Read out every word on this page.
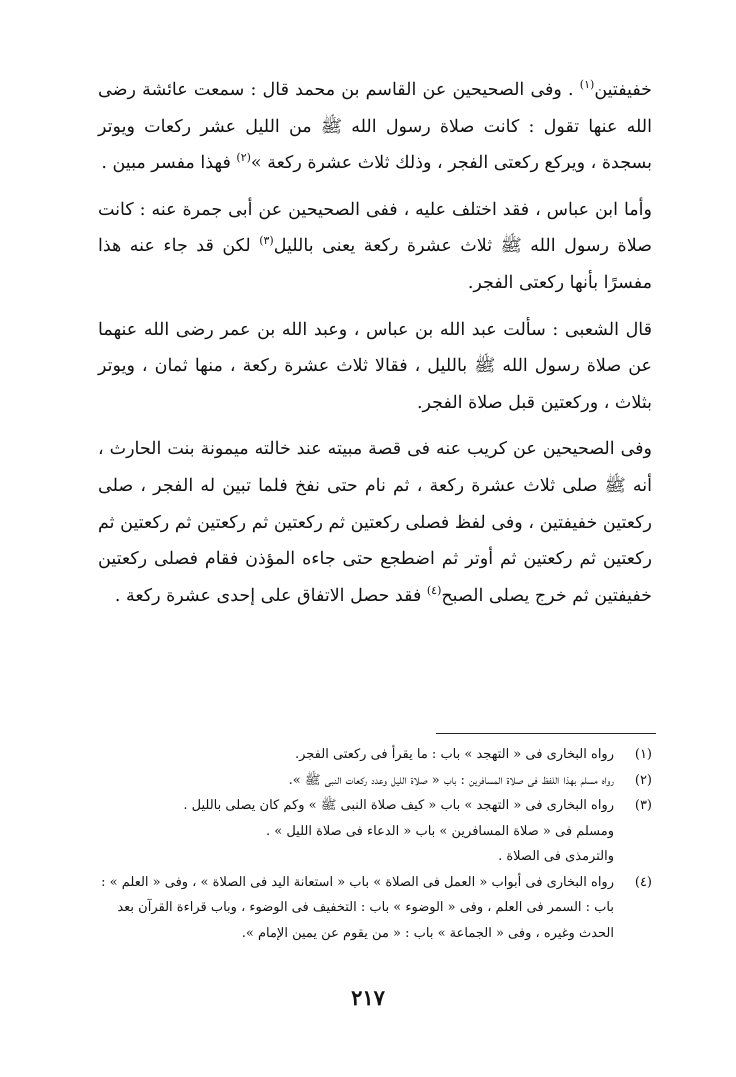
خفيفتين$^{(١)}$ . وفى الصحيحين عن القاسم بن محمد قال : سمعت عائشة رضى الله عنها تقول : كانت صلاة رسول الله ﷺ من الليل عشر ركعات ويوتر بسجدة ، ويركع ركعتى الفجر ، وذلك ثلاث عشرة ركعة »$^{(٢)}$ فهذا مفسر مبين .

وأما ابن عباس ، فقد اختلف عليه ، ففى الصحيحين عن أبى جمرة عنه : كانت صلاة رسول الله ﷺ ثلاث عشرة ركعة يعنى بالليل$^{(٣)}$ لكن قد جاء عنه هذا مفسرًا بأنها ركعتى الفجر.

قال الشعبى : سألت عبد الله بن عباس ، وعبد الله بن عمر رضى الله عنهما عن صلاة رسول الله ﷺ بالليل ، فقالا ثلاث عشرة ركعة ، منها ثمان ، ويوتر بثلاث ، وركعتين قبل صلاة الفجر.

وفى الصحيحين عن كريب عنه فى قصة مبيته عند خالته ميمونة بنت الحارث ، أنه ﷺ صلى ثلاث عشرة ركعة ، ثم نام حتى نفخ فلما تبين له الفجر ، صلى ركعتين خفيفتين ، وفى لفظ فصلى ركعتين ثم ركعتين ثم ركعتين ثم ركعتين ثم ركعتين ثم ركعتين ثم أوتر ثم اضطجع حتى جاءه المؤذن فقام فصلى ركعتين خفيفتين ثم خرج يصلى الصبح$^{(٤)}$ فقد حصل الاتفاق على إحدى عشرة ركعة .

(١)
رواه البخارى فى « التهجد » باب : ما يقرأ فى ركعتى الفجر.
(٢)
رواه مسلم بهذا اللفظ فى صلاة المسافرين : باب « صلاة الليل وعدد ركعات النبى ﷺ ».
(٣)
رواه البخارى فى « التهجد » باب « كيف صلاة النبى ﷺ » وكم كان يصلى بالليل .
ومسلم فى « صلاة المسافرين » باب « الدعاء فى صلاة الليل » .
والترمذى فى الصلاة .
(٤)
رواه البخارى فى أبواب « العمل فى الصلاة » باب « استعانة اليد فى الصلاة » ، وفى « العلم » :
باب : السمر فى العلم ، وفى « الوضوء » باب : التخفيف فى الوضوء ، وباب قراءة القرآن بعد
الحدث وغيره ، وفى « الجماعة » باب : « من يقوم عن يمين الإمام ».
٢١٧
